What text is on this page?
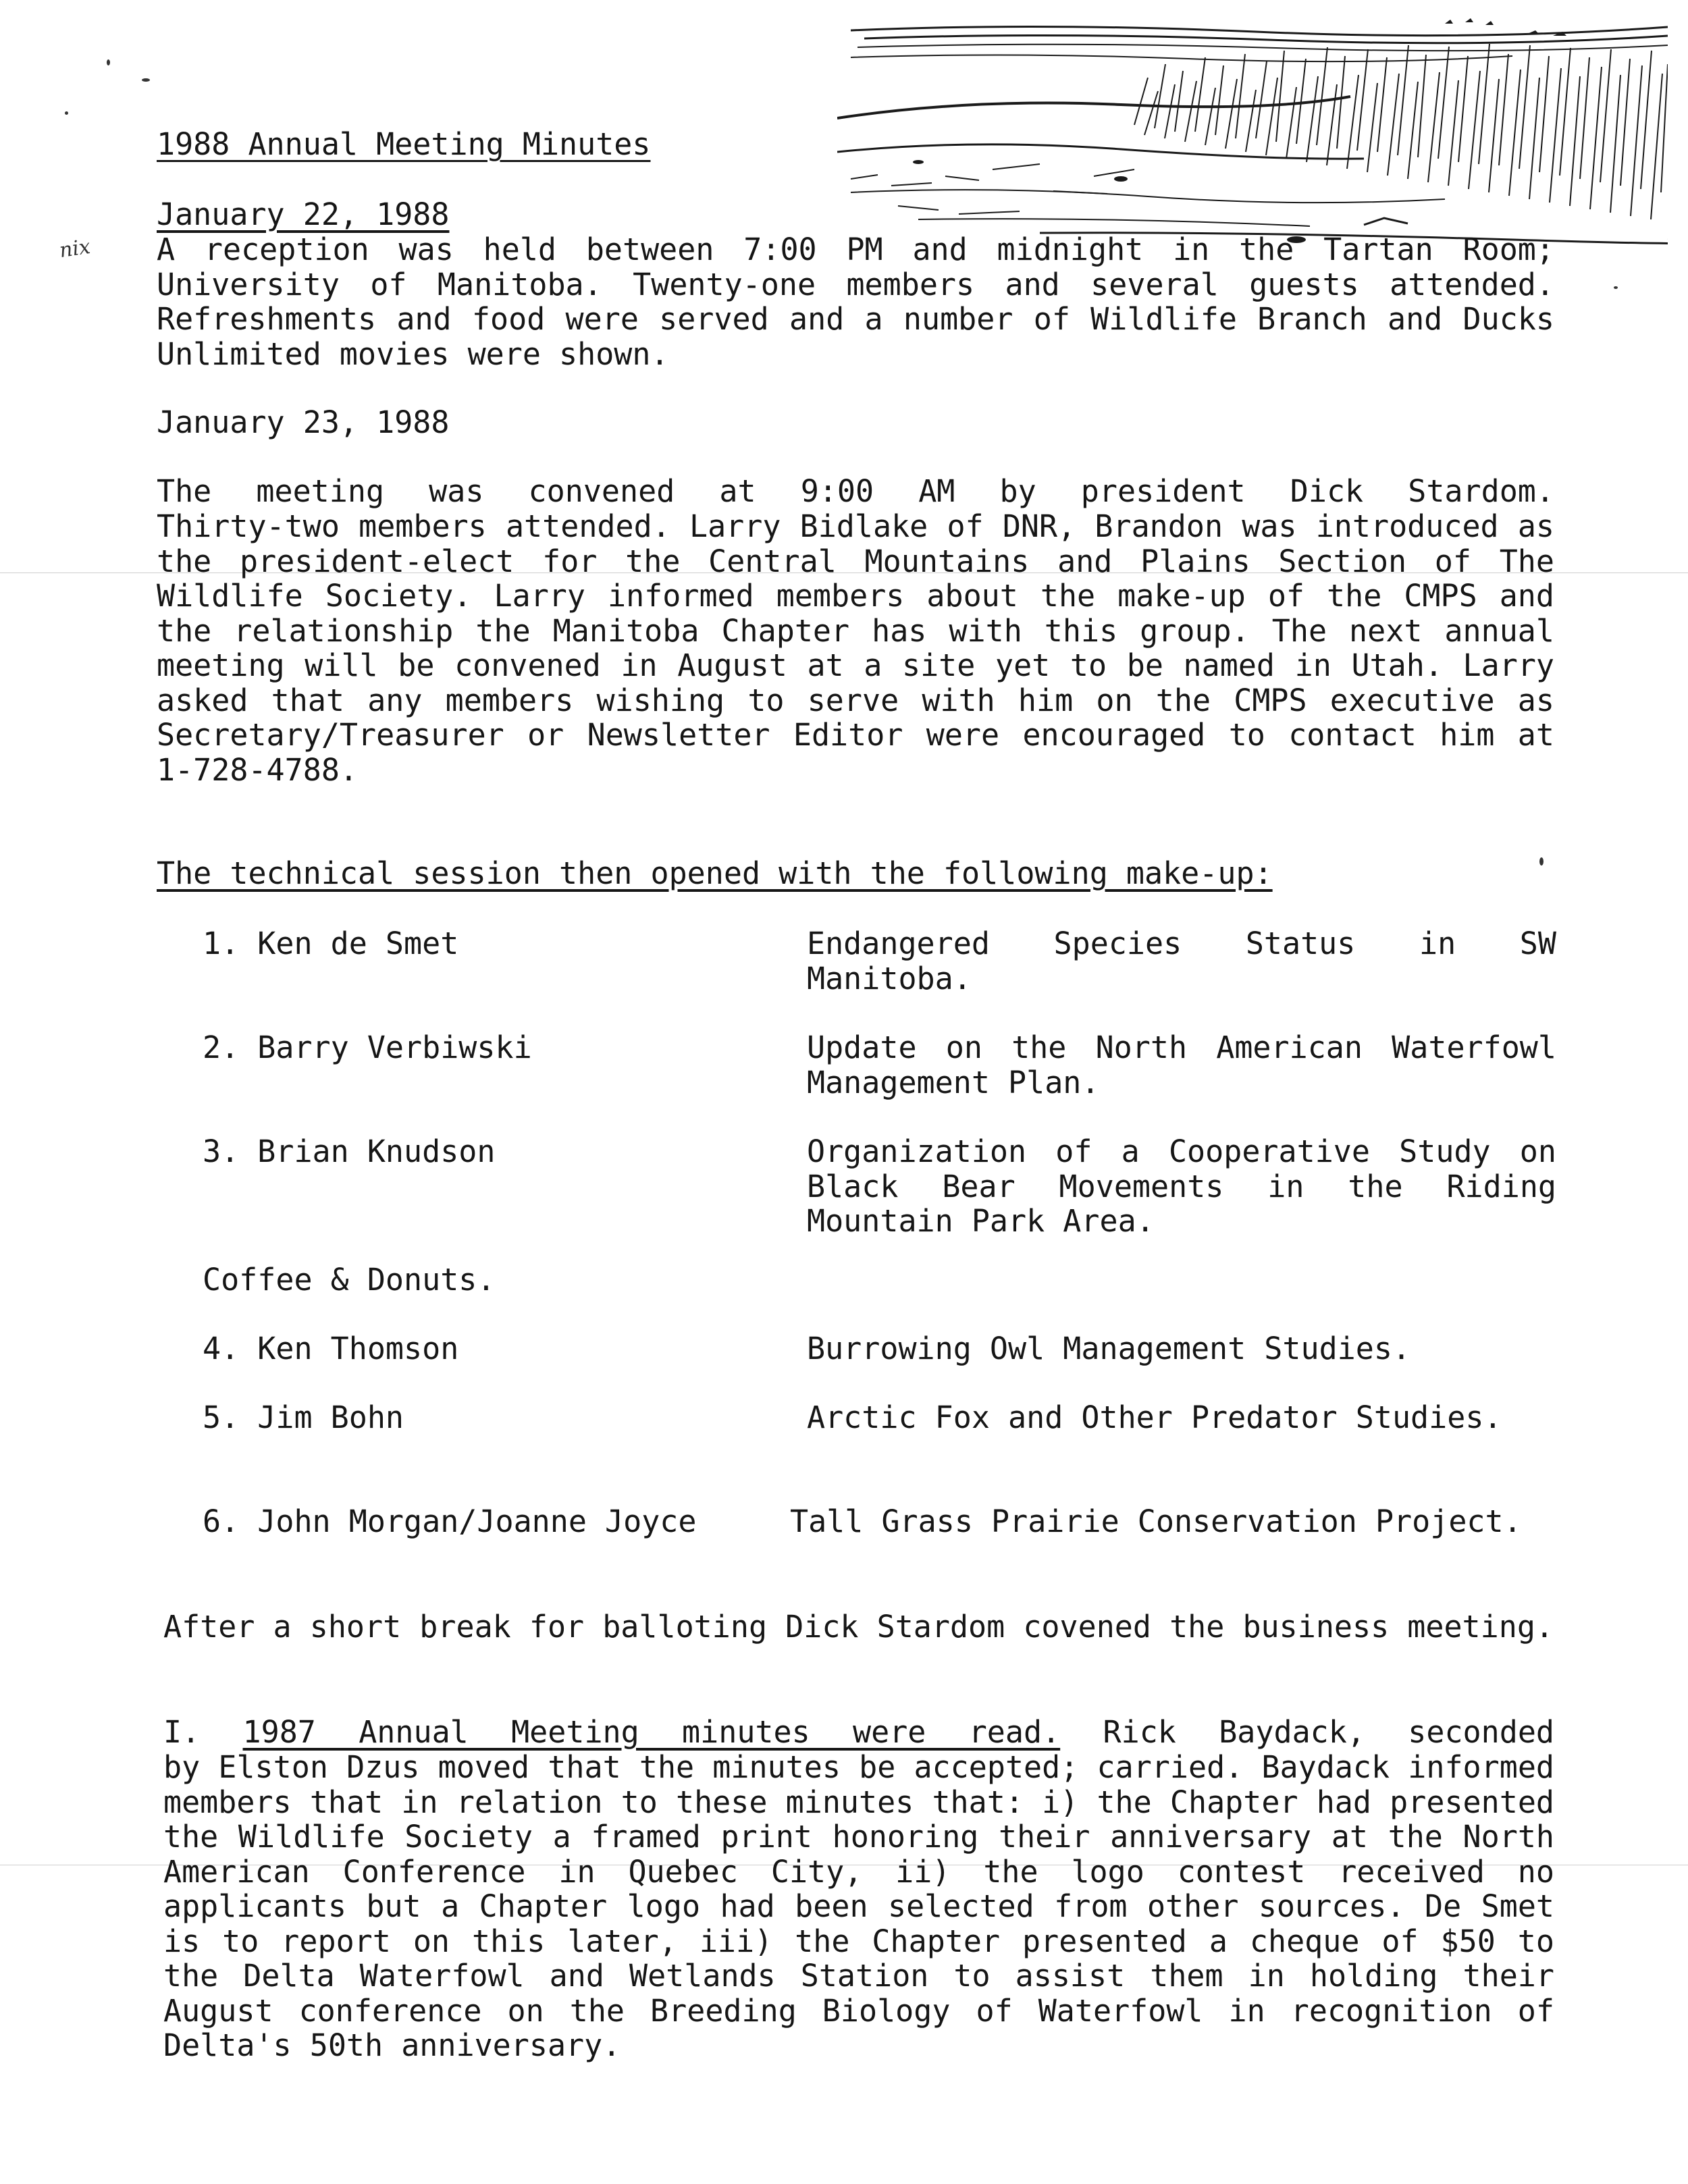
nix
1988 Annual Meeting Minutes

January 22, 1988

A reception was held between 7:00 PM and midnight in the Tartan Room; University of Manitoba. Twenty-one members and several guests attended. Refreshments and food were served and a number of Wildlife Branch and Ducks Unlimited movies were shown.

January 23, 1988

The meeting was convened at 9:00 AM by president Dick Stardom.

Thirty-two members attended. Larry Bidlake of DNR, Brandon was introduced as the president-elect for the Central Mountains and Plains Section of The Wildlife Society. Larry informed members about the make-up of the CMPS and the relationship the Manitoba Chapter has with this group. The next annual meeting will be convened in August at a site yet to be named in Utah. Larry asked that any members wishing to serve with him on the CMPS executive as Secretary/Treasurer or Newsletter Editor were encouraged to contact him at 1-728-4788.

The technical session then opened with the following make-up:

1. Ken de Smet	Endangered Species Status in SW Manitoba.
2. Barry Verbiwski	Update on the North American Waterfowl Management Plan.
3. Brian Knudson	Organization of a Cooperative Study on Black Bear Movements in the Riding Mountain Park Area.

Coffee & Donuts.

4. Ken Thomson	Burrowing Owl Management Studies.
5. Jim Bohn	Arctic Fox and Other Predator Studies.
6. John Morgan/Joanne Joyce	Tall Grass Prairie Conservation Project.

After a short break for balloting Dick Stardom covened the business meeting.

I. 1987 Annual Meeting minutes were read. Rick Baydack, seconded

by Elston Dzus moved that the minutes be accepted; carried. Baydack informed members that in relation to these minutes that: i) the Chapter had presented the Wildlife Society a framed print honoring their anniversary at the North American Conference in Quebec City, ii) the logo contest received no applicants but a Chapter logo had been selected from other sources. De Smet is to report on this later, iii) the Chapter presented a cheque of $50 to the Delta Waterfowl and Wetlands Station to assist them in holding their August conference on the Breeding Biology of Waterfowl in recognition of Delta's 50th anniversary.
